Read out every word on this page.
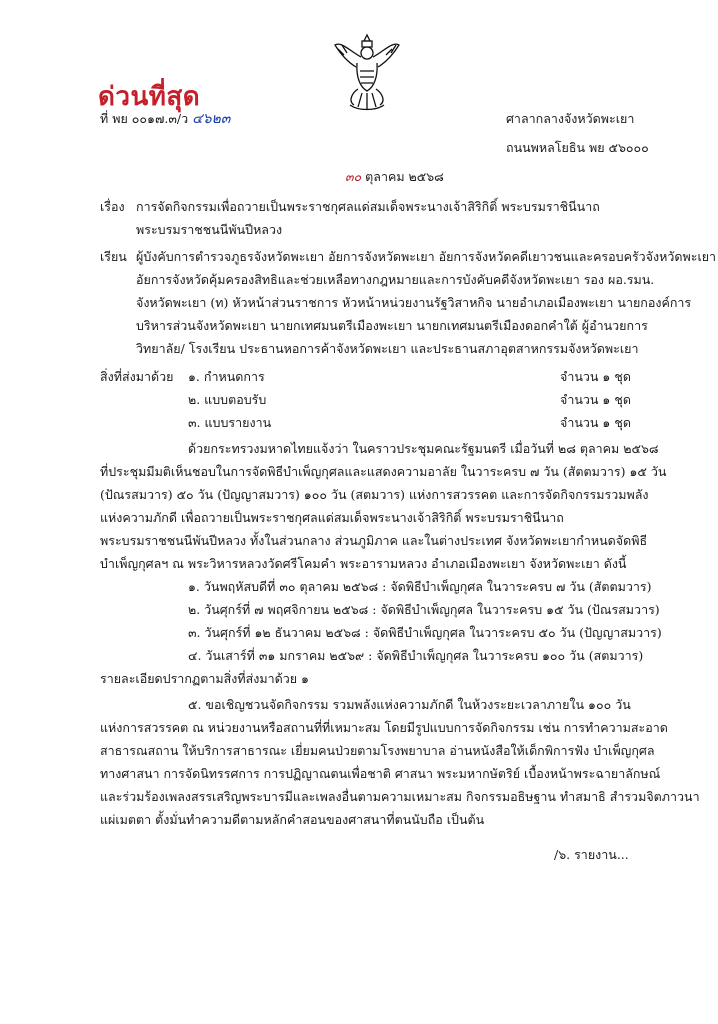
ด่วนที่สุด
ที่ พย ๐๐๑๗.๓/ว ๔๖๒๓	ศาลากลางจังหวัดพะเยา
ถนนพหลโยธิน พย ๕๖๐๐๐
๓๐ ตุลาคม ๒๕๖๘
เรื่อง การจัดกิจกรรมเพื่อถวายเป็นพระราชกุศลแด่สมเด็จพระนางเจ้าสิริกิติ์ พระบรมราชินีนาถ
พระบรมราชชนนีพันปีหลวง
เรียน ผู้บังคับการตำรวจภูธรจังหวัดพะเยา อัยการจังหวัดพะเยา อัยการจังหวัดคดีเยาวชนและครอบครัวจังหวัดพะเยา
อัยการจังหวัดคุ้มครองสิทธิและช่วยเหลือทางกฎหมายและการบังคับคดีจังหวัดพะเยา รอง ผอ.รมน.
จังหวัดพะเยา (ท) หัวหน้าส่วนราชการ หัวหน้าหน่วยงานรัฐวิสาหกิจ นายอำเภอเมืองพะเยา นายกองค์การ
บริหารส่วนจังหวัดพะเยา นายกเทศมนตรีเมืองพะเยา นายกเทศมนตรีเมืองดอกคำใต้ ผู้อำนวยการ
วิทยาลัย/ โรงเรียน ประธานหอการค้าจังหวัดพะเยา และประธานสภาอุตสาหกรรมจังหวัดพะเยา
สิ่งที่ส่งมาด้วย ๑. กำหนดการ	จำนวน ๑ ชุด
๒. แบบตอบรับ	จำนวน ๑ ชุด
๓. แบบรายงาน	จำนวน ๑ ชุด
ด้วยกระทรวงมหาดไทยแจ้งว่า ในคราวประชุมคณะรัฐมนตรี เมื่อวันที่ ๒๘ ตุลาคม ๒๕๖๘
ที่ประชุมมีมติเห็นชอบในการจัดพิธีบำเพ็ญกุศลและแสดงความอาลัย ในวาระครบ ๗ วัน (สัตตมวาร) ๑๕ วัน
(ปัณรสมวาร) ๕๐ วัน (ปัญญาสมวาร) ๑๐๐ วัน (สตมวาร) แห่งการสวรรคต และการจัดกิจกรรมรวมพลัง
แห่งความภักดี เพื่อถวายเป็นพระราชกุศลแด่สมเด็จพระนางเจ้าสิริกิติ์ พระบรมราชินีนาถ
พระบรมราชชนนีพันปีหลวง ทั้งในส่วนกลาง ส่วนภูมิภาค และในต่างประเทศ จังหวัดพะเยากำหนดจัดพิธี
บำเพ็ญกุศลฯ ณ พระวิหารหลวงวัดศรีโคมคำ พระอารามหลวง อำเภอเมืองพะเยา จังหวัดพะเยา ดังนี้
๑. วันพฤหัสบดีที่ ๓๐ ตุลาคม ๒๕๖๘ : จัดพิธีบำเพ็ญกุศล ในวาระครบ ๗ วัน (สัตตมวาร)
๒. วันศุกร์ที่ ๗ พฤศจิกายน ๒๕๖๘ : จัดพิธีบำเพ็ญกุศล ในวาระครบ ๑๕ วัน (ปัณรสมวาร)
๓. วันศุกร์ที่ ๑๒ ธันวาคม ๒๕๖๘ : จัดพิธีบำเพ็ญกุศล ในวาระครบ ๕๐ วัน (ปัญญาสมวาร)
๔. วันเสาร์ที่ ๓๑ มกราคม ๒๕๖๙ : จัดพิธีบำเพ็ญกุศล ในวาระครบ ๑๐๐ วัน (สตมวาร)
รายละเอียดปรากฏตามสิ่งที่ส่งมาด้วย ๑
๕. ขอเชิญชวนจัดกิจกรรม รวมพลังแห่งความภักดี ในห้วงระยะเวลาภายใน ๑๐๐ วัน
แห่งการสวรรคต ณ หน่วยงานหรือสถานที่ที่เหมาะสม โดยมีรูปแบบการจัดกิจกรรม เช่น การทำความสะอาด
สาธารณสถาน ให้บริการสาธารณะ เยี่ยมคนป่วยตามโรงพยาบาล อ่านหนังสือให้เด็กพิการฟัง บำเพ็ญกุศล
ทางศาสนา การจัดนิทรรศการ การปฏิญาณตนเพื่อชาติ ศาสนา พระมหากษัตริย์ เบื้องหน้าพระฉายาลักษณ์
และร่วมร้องเพลงสรรเสริญพระบารมีและเพลงอื่นตามความเหมาะสม กิจกรรมอธิษฐาน ทำสมาธิ สำรวมจิตภาวนา
แผ่เมตตา ตั้งมั่นทำความดีตามหลักคำสอนของศาสนาที่ตนนับถือ เป็นต้น
/๖. รายงาน...
